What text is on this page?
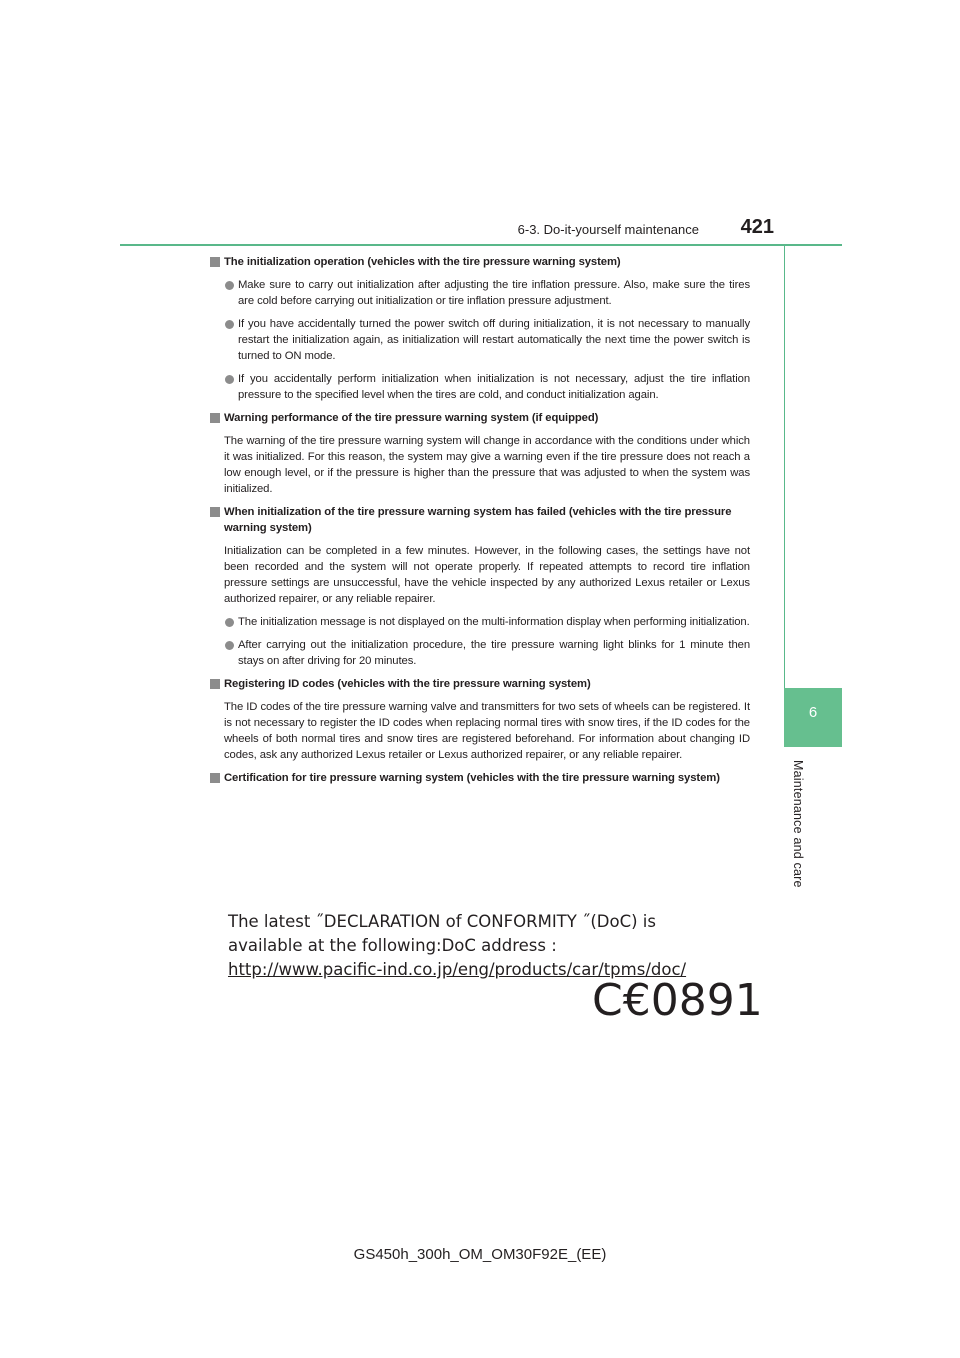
6-3. Do-it-yourself maintenance 421
6
Maintenance and care
The initialization operation (vehicles with the tire pressure warning system)
Make sure to carry out initialization after adjusting the tire inflation pressure. Also, make sure the tires are cold before carrying out initialization or tire inflation pressure adjustment.
If you have accidentally turned the power switch off during initialization, it is not necessary to manually restart the initialization again, as initialization will restart automatically the next time the power switch is turned to ON mode.
If you accidentally perform initialization when initialization is not necessary, adjust the tire inflation pressure to the specified level when the tires are cold, and conduct initialization again.
Warning performance of the tire pressure warning system (if equipped)
The warning of the tire pressure warning system will change in accordance with the conditions under which it was initialized. For this reason, the system may give a warning even if the tire pressure does not reach a low enough level, or if the pressure is higher than the pressure that was adjusted to when the system was initialized.
When initialization of the tire pressure warning system has failed (vehicles with the tire pressure warning system)
Initialization can be completed in a few minutes. However, in the following cases, the settings have not been recorded and the system will not operate properly. If repeated attempts to record tire inflation pressure settings are unsuccessful, have the vehicle inspected by any authorized Lexus retailer or Lexus authorized repairer, or any reliable repairer.
The initialization message is not displayed on the multi-information display when performing initialization.
After carrying out the initialization procedure, the tire pressure warning light blinks for 1 minute then stays on after driving for 20 minutes.
Registering ID codes (vehicles with the tire pressure warning system)
The ID codes of the tire pressure warning valve and transmitters for two sets of wheels can be registered. It is not necessary to register the ID codes when replacing normal tires with snow tires, if the ID codes for the wheels of both normal tires and snow tires are registered beforehand. For information about changing ID codes, ask any authorized Lexus retailer or Lexus authorized repairer, or any reliable repairer.
Certification for tire pressure warning system (vehicles with the tire pressure warning system)
The latest ˝DECLARATION of CONFORMITY ˝(DoC) is
available at the following:DoC address :
http://www.pacific-ind.co.jp/eng/products/car/tpms/doc/
C€0891
GS450h_300h_OM_OM30F92E_(EE)
